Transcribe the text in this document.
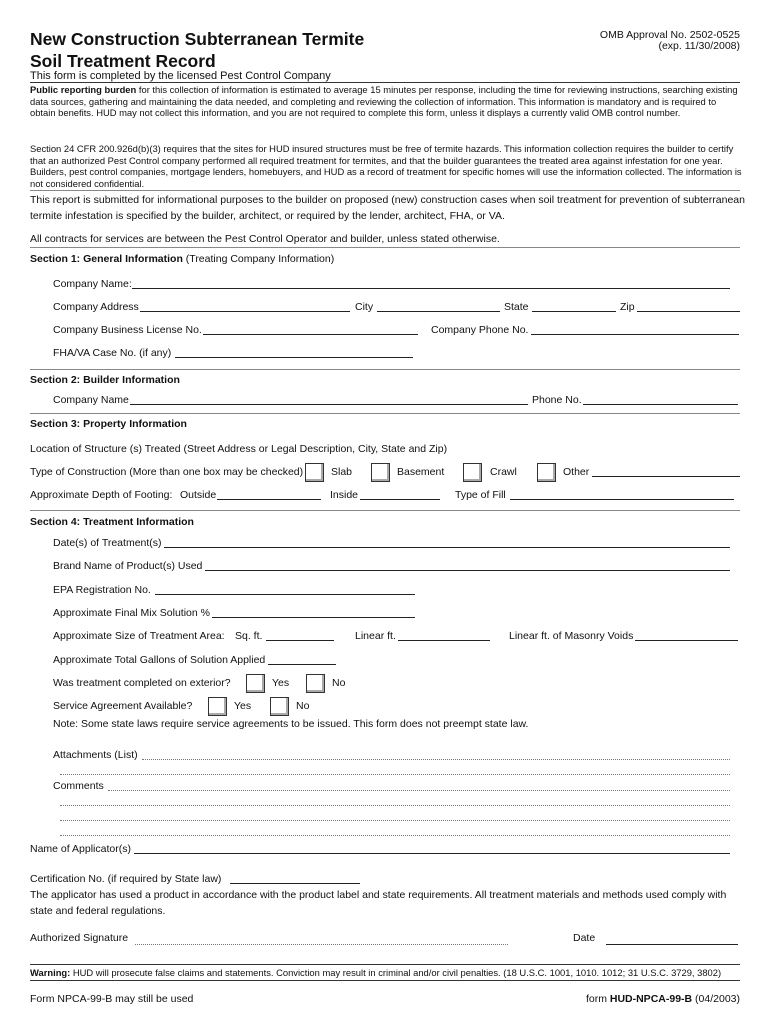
New Construction Subterranean Termite
Soil Treatment Record
OMB Approval No. 2502-0525
(exp. 11/30/2008)
This form is completed by the licensed Pest Control Company
Public reporting burden for this collection of information is estimated to average 15 minutes per response, including the time for reviewing instructions, searching existing data sources, gathering and maintaining the data needed, and completing and reviewing the collection of information. This information is mandatory and is required to obtain benefits. HUD may not collect this information, and you are not required to complete this form, unless it displays a currently valid OMB control number.
Section 24 CFR 200.926d(b)(3) requires that the sites for HUD insured structures must be free of termite hazards. This information collection requires the builder to certify that an authorized Pest Control company performed all required treatment for termites, and that the builder guarantees the treated area against infestation for one year. Builders, pest control companies, mortgage lenders, homebuyers, and HUD as a record of treatment for specific homes will use the information collected. The information is not considered confidential.
This report is submitted for informational purposes to the builder on proposed (new) construction cases when soil treatment for prevention of subterranean
termite infestation is specified by the builder, architect, or required by the lender, architect, FHA, or VA.
All contracts for services are between the Pest Control Operator and builder, unless stated otherwise.
Section 1: General Information (Treating Company Information)
Company Name:
Company Address	City	State	Zip
Company Business License No.	Company Phone No.
FHA/VA Case No. (if any)
Section 2: Builder Information
Company Name	Phone No.
Section 3: Property Information
Location of Structure (s) Treated (Street Address or Legal Description, City, State and Zip)
Type of Construction (More than one box may be checked)	Slab	Basement	Crawl	Other
Approximate Depth of Footing: Outside	Inside	Type of Fill
Section 4: Treatment Information
Date(s) of Treatment(s)
Brand Name of Product(s) Used
EPA Registration No.
Approximate Final Mix Solution %
Approximate Size of Treatment Area: Sq. ft.	Linear ft.	Linear ft. of Masonry Voids
Approximate Total Gallons of Solution Applied
Was treatment completed on exterior?	Yes	No
Service Agreement Available?	Yes	No
Note: Some state laws require service agreements to be issued. This form does not preempt state law.
Attachments (List)
Comments
Name of Applicator(s)
Certification No. (if required by State law)
The applicator has used a product in accordance with the product label and state requirements. All treatment materials and methods used comply with
state and federal regulations.
Authorized Signature	Date
Warning: HUD will prosecute false claims and statements. Conviction may result in criminal and/or civil penalties. (18 U.S.C. 1001, 1010. 1012; 31 U.S.C. 3729, 3802)
Form NPCA-99-B may still be used	form HUD-NPCA-99-B (04/2003)
